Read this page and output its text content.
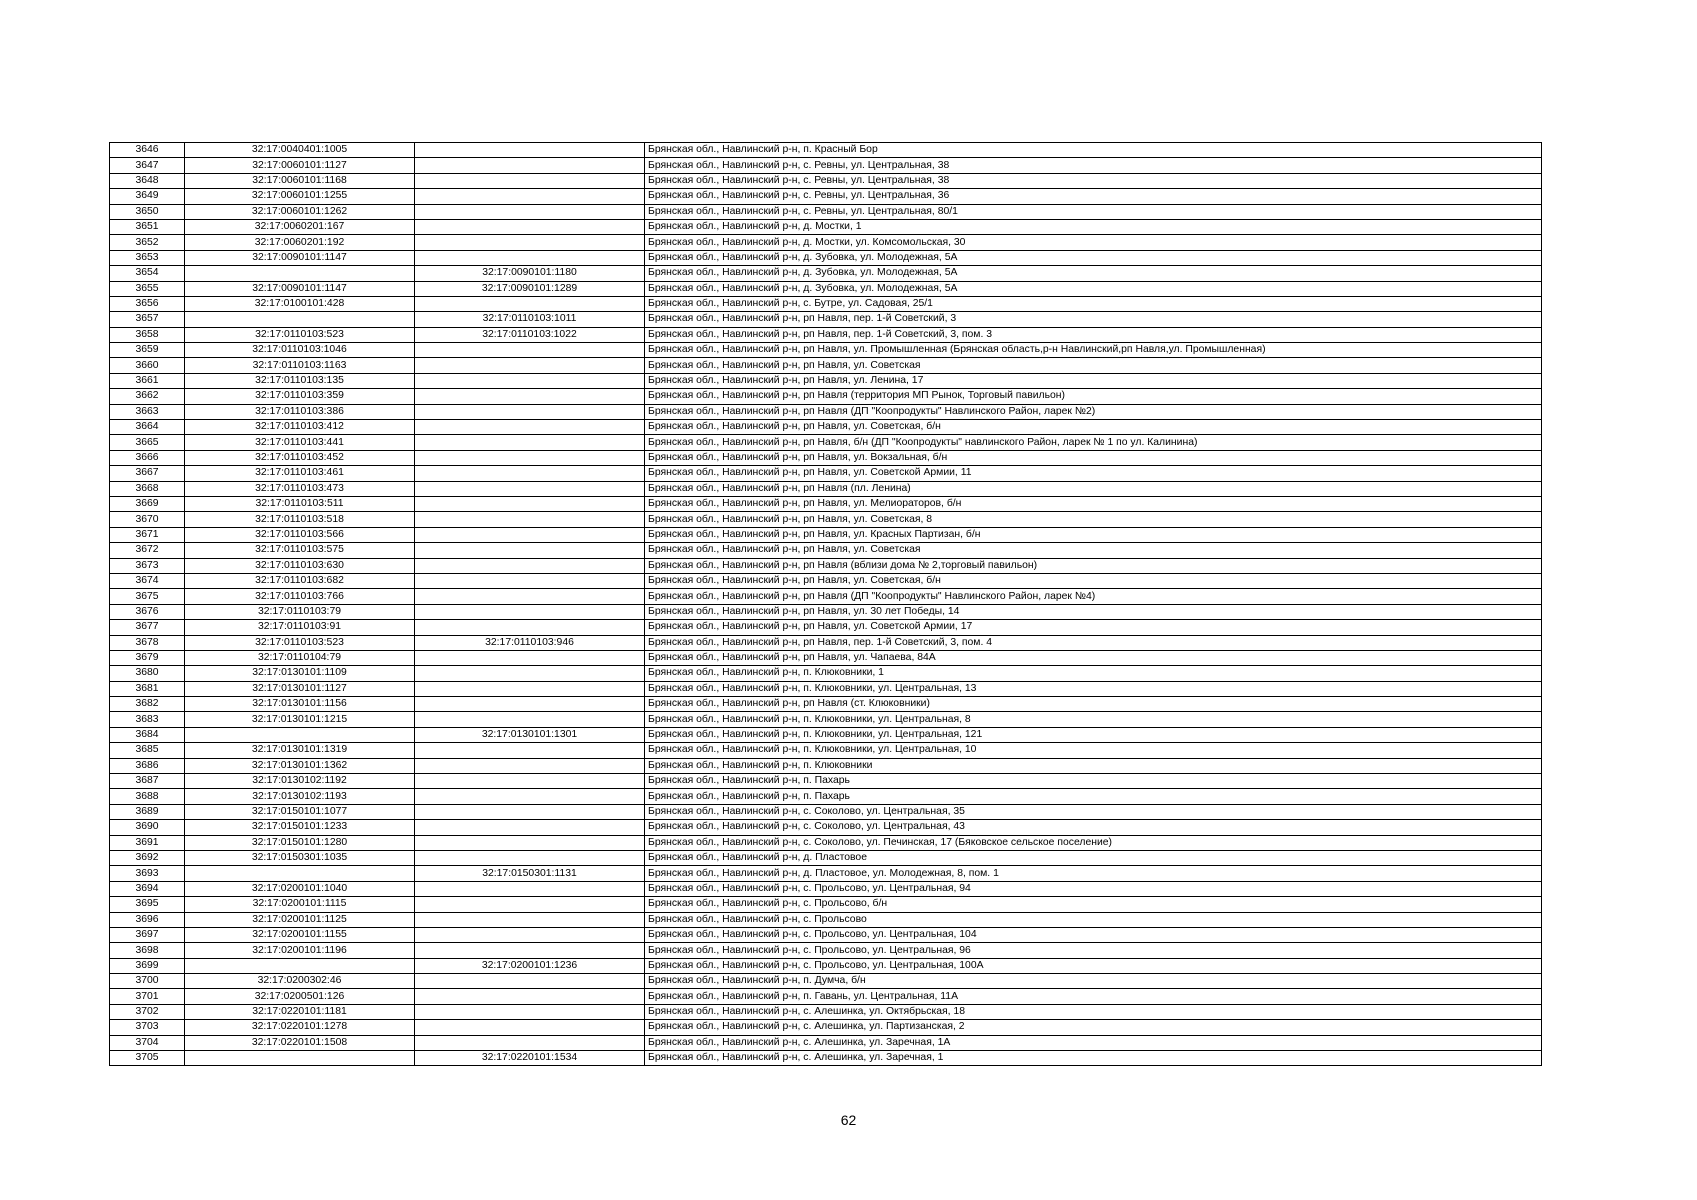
3646	32:17:0040401:1005		Брянская обл., Навлинский р-н, п. Красный Бор
3647	32:17:0060101:1127		Брянская обл., Навлинский р-н, с. Ревны, ул. Центральная, 38
3648	32:17:0060101:1168		Брянская обл., Навлинский р-н, с. Ревны, ул. Центральная, 38
3649	32:17:0060101:1255		Брянская обл., Навлинский р-н, с. Ревны, ул. Центральная, 36
3650	32:17:0060101:1262		Брянская обл., Навлинский р-н, с. Ревны, ул. Центральная, 80/1
3651	32:17:0060201:167		Брянская обл., Навлинский р-н, д. Мостки, 1
3652	32:17:0060201:192		Брянская обл., Навлинский р-н, д. Мостки, ул. Комсомольская, 30
3653	32:17:0090101:1147		Брянская обл., Навлинский р-н, д. Зубовка, ул. Молодежная, 5А
3654		32:17:0090101:1180	Брянская обл., Навлинский р-н, д. Зубовка, ул. Молодежная, 5А
3655	32:17:0090101:1147	32:17:0090101:1289	Брянская обл., Навлинский р-н, д. Зубовка, ул. Молодежная, 5А
3656	32:17:0100101:428		Брянская обл., Навлинский р-н, с. Бутре, ул. Садовая, 25/1
3657		32:17:0110103:1011	Брянская обл., Навлинский р-н, рп Навля, пер. 1-й Советский, 3
3658	32:17:0110103:523	32:17:0110103:1022	Брянская обл., Навлинский р-н, рп Навля, пер. 1-й Советский, 3, пом. 3
3659	32:17:0110103:1046		Брянская обл., Навлинский р-н, рп Навля, ул. Промышленная (Брянская область,р-н Навлинский,рп Навля,ул. Промышленная)
3660	32:17:0110103:1163		Брянская обл., Навлинский р-н, рп Навля, ул. Советская
3661	32:17:0110103:135		Брянская обл., Навлинский р-н, рп Навля, ул. Ленина, 17
3662	32:17:0110103:359		Брянская обл., Навлинский р-н, рп Навля (территория МП Рынок, Торговый павильон)
3663	32:17:0110103:386		Брянская обл., Навлинский р-н, рп Навля (ДП "Коопродукты" Навлинского Район, ларек №2)
3664	32:17:0110103:412		Брянская обл., Навлинский р-н, рп Навля, ул. Советская, б/н
3665	32:17:0110103:441		Брянская обл., Навлинский р-н, рп Навля, б/н (ДП "Коопродукты" навлинского Район, ларек № 1 по ул. Калинина)
3666	32:17:0110103:452		Брянская обл., Навлинский р-н, рп Навля, ул. Вокзальная, б/н
3667	32:17:0110103:461		Брянская обл., Навлинский р-н, рп Навля, ул. Советской Армии, 11
3668	32:17:0110103:473		Брянская обл., Навлинский р-н, рп Навля (пл. Ленина)
3669	32:17:0110103:511		Брянская обл., Навлинский р-н, рп Навля, ул. Мелиораторов, б/н
3670	32:17:0110103:518		Брянская обл., Навлинский р-н, рп Навля, ул. Советская, 8
3671	32:17:0110103:566		Брянская обл., Навлинский р-н, рп Навля, ул. Красных Партизан, б/н
3672	32:17:0110103:575		Брянская обл., Навлинский р-н, рп Навля, ул. Советская
3673	32:17:0110103:630		Брянская обл., Навлинский р-н, рп Навля (вблизи дома № 2,торговый павильон)
3674	32:17:0110103:682		Брянская обл., Навлинский р-н, рп Навля, ул. Советская, б/н
3675	32:17:0110103:766		Брянская обл., Навлинский р-н, рп Навля (ДП "Коопродукты" Навлинского Район, ларек №4)
3676	32:17:0110103:79		Брянская обл., Навлинский р-н, рп Навля, ул. 30 лет Победы, 14
3677	32:17:0110103:91		Брянская обл., Навлинский р-н, рп Навля, ул. Советской Армии, 17
3678	32:17:0110103:523	32:17:0110103:946	Брянская обл., Навлинский р-н, рп Навля, пер. 1-й Советский, 3, пом. 4
3679	32:17:0110104:79		Брянская обл., Навлинский р-н, рп Навля, ул. Чапаева, 84А
3680	32:17:0130101:1109		Брянская обл., Навлинский р-н, п. Клюковники, 1
3681	32:17:0130101:1127		Брянская обл., Навлинский р-н, п. Клюковники, ул. Центральная, 13
3682	32:17:0130101:1156		Брянская обл., Навлинский р-н, рп Навля (ст. Клюковники)
3683	32:17:0130101:1215		Брянская обл., Навлинский р-н, п. Клюковники, ул. Центральная, 8
3684		32:17:0130101:1301	Брянская обл., Навлинский р-н, п. Клюковники, ул. Центральная, 121
3685	32:17:0130101:1319		Брянская обл., Навлинский р-н, п. Клюковники, ул. Центральная, 10
3686	32:17:0130101:1362		Брянская обл., Навлинский р-н, п. Клюковники
3687	32:17:0130102:1192		Брянская обл., Навлинский р-н, п. Пахарь
3688	32:17:0130102:1193		Брянская обл., Навлинский р-н, п. Пахарь
3689	32:17:0150101:1077		Брянская обл., Навлинский р-н, с. Соколово, ул. Центральная, 35
3690	32:17:0150101:1233		Брянская обл., Навлинский р-н, с. Соколово, ул. Центральная, 43
3691	32:17:0150101:1280		Брянская обл., Навлинский р-н, с. Соколово, ул. Печинская, 17 (Бяковское сельское поселение)
3692	32:17:0150301:1035		Брянская обл., Навлинский р-н, д. Пластовое
3693		32:17:0150301:1131	Брянская обл., Навлинский р-н, д. Пластовое, ул. Молодежная, 8, пом. 1
3694	32:17:0200101:1040		Брянская обл., Навлинский р-н, с. Прольсово, ул. Центральная, 94
3695	32:17:0200101:1115		Брянская обл., Навлинский р-н, с. Прольсово, б/н
3696	32:17:0200101:1125		Брянская обл., Навлинский р-н, с. Прольсово
3697	32:17:0200101:1155		Брянская обл., Навлинский р-н, с. Прольсово, ул. Центральная, 104
3698	32:17:0200101:1196		Брянская обл., Навлинский р-н, с. Прольсово, ул. Центральная, 96
3699		32:17:0200101:1236	Брянская обл., Навлинский р-н, с. Прольсово, ул. Центральная, 100А
3700	32:17:0200302:46		Брянская обл., Навлинский р-н, п. Думча, б/н
3701	32:17:0200501:126		Брянская обл., Навлинский р-н, п. Гавань, ул. Центральная, 11А
3702	32:17:0220101:1181		Брянская обл., Навлинский р-н, с. Алешинка, ул. Октябрьская, 18
3703	32:17:0220101:1278		Брянская обл., Навлинский р-н, с. Алешинка, ул. Партизанская, 2
3704	32:17:0220101:1508		Брянская обл., Навлинский р-н, с. Алешинка, ул. Заречная, 1А
3705		32:17:0220101:1534	Брянская обл., Навлинский р-н, с. Алешинка, ул. Заречная, 1
62
